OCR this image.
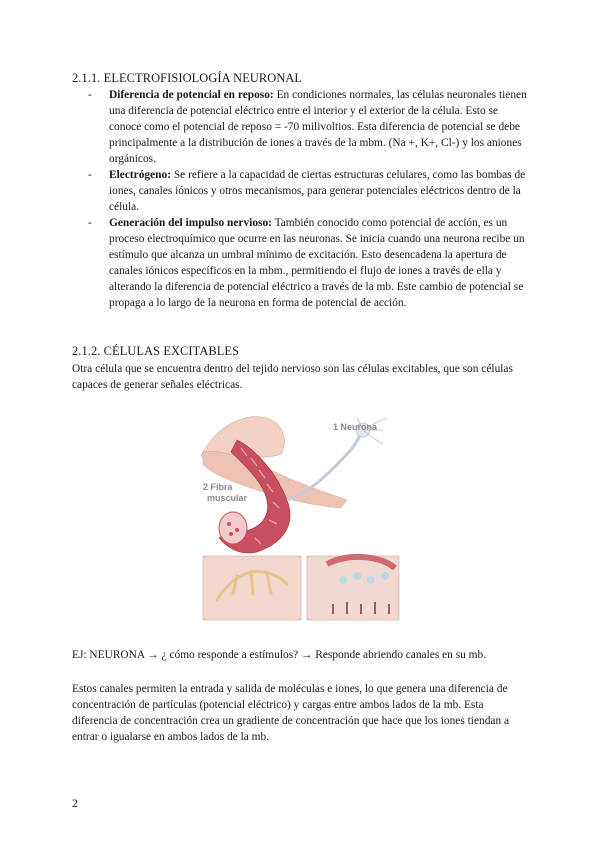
2.1.1. ELECTROFISIOLOGÍA NEURONAL
- Diferencia de potencial en reposo: En condiciones normales, las células neuronales tienen una diferencia de potencial eléctrico entre el interior y el exterior de la célula. Esto se conoce como el potencial de reposo = -70 milivoltios. Esta diferencia de potencial se debe principalmente a la distribución de iones a través de la mbm. (Na +, K+, Cl-) y los aniones orgánicos.
- Electrógeno: Se refiere a la capacidad de ciertas estructuras celulares, como las bombas de iones, canales iónicos y otros mecanismos, para generar potenciales eléctricos dentro de la célula.
- Generación del impulso nervioso: También conocido como potencial de acción, es un proceso electroquímico que ocurre en las neuronas. Se inicia cuando una neurona recibe un estímulo que alcanza un umbral mínimo de excitación. Esto desencadena la apertura de canales iónicos específicos en la mbm., permitiendo el flujo de iones a través de ella y alterando la diferencia de potencial eléctrico a través de la mb. Este cambio de potencial se propaga a lo largo de la neurona en forma de potencial de acción.
2.1.2. CÉLULAS EXCITABLES

Otra célula que se encuentra dentro del tejido nervioso son las células excitables, que son células capaces de generar señales eléctricas.

1 Neurona
2 Fibra muscular

EJ: NEURONA → ¿ cómo responde a estímulos? → Responde abriendo canales en su mb.

Estos canales permiten la entrada y salida de moléculas e iones, lo que genera una diferencia de concentración de partículas (potencial eléctrico) y cargas entre ambos lados de la mb. Esta diferencia de concentración crea un gradiente de concentración que hace que los iones tiendan a entrar o igualarse en ambos lados de la mb.

2
